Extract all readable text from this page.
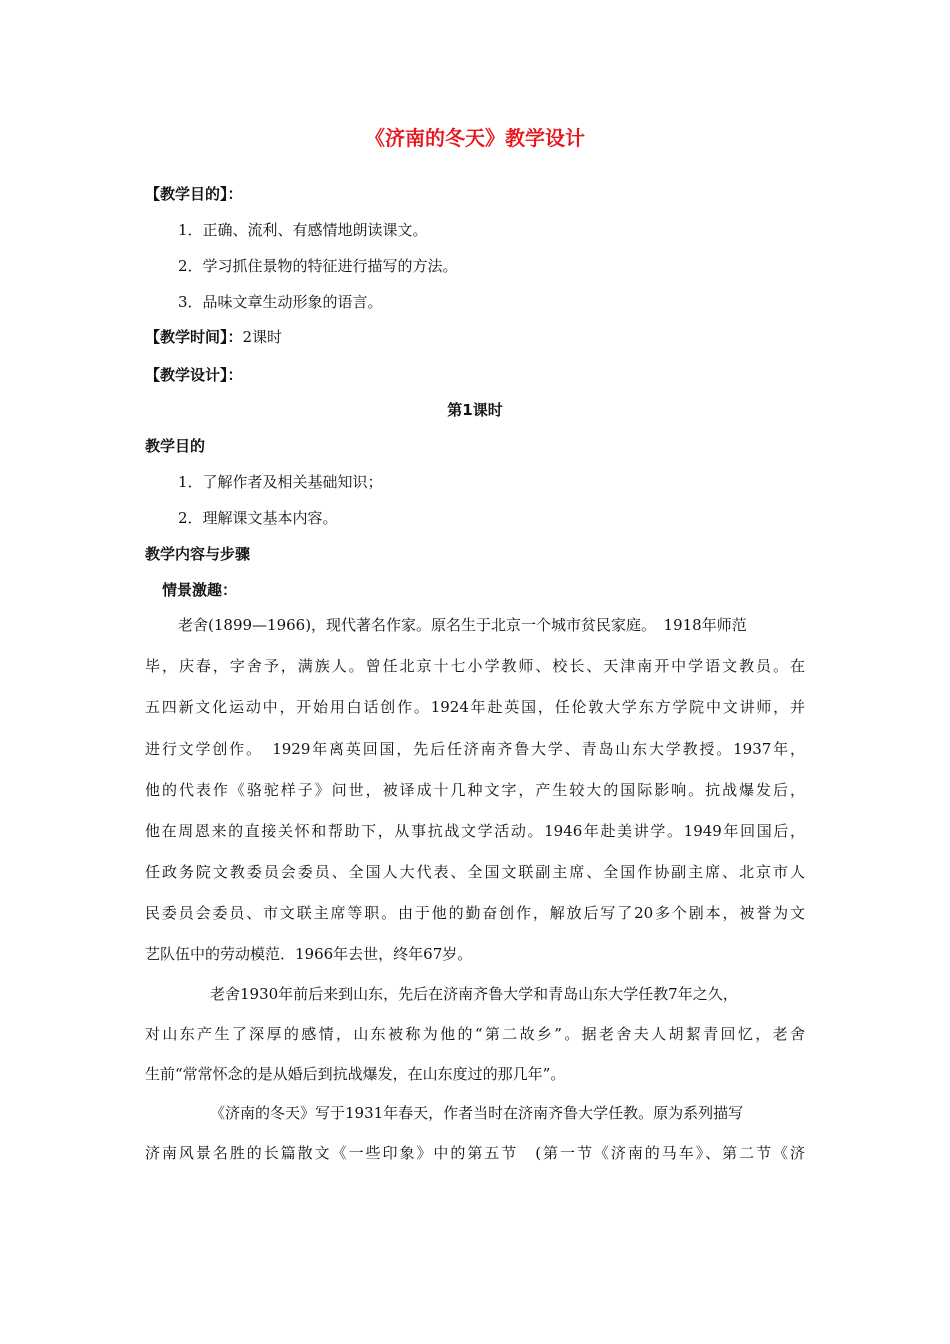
《济南的冬天》教学设计
【教学目的】：
1．正确、流利、有感情地朗读课文。
2．学习抓住景物的特征进行描写的方法。
3．品味文章生动形象的语言。
【教学时间】：2课时
【教学设计】：
第1课时
教学目的
1．了解作者及相关基础知识；
2．理解课文基本内容。
教学内容与步骤
情景激趣：
老舍(1899—1966)，现代著名作家。原名生于北京一个城市贫民家庭。　1918年师范
毕，庆春，字舍予，满族人。曾任北京十七小学教师、校长、天津南开中学语文教员。在
五四新文化运动中，开始用白话创作。1924年赴英国，任伦敦大学东方学院中文讲师，并
进行文学创作。　1929年离英回国，先后任济南齐鲁大学、青岛山东大学教授。1937年，
他的代表作《骆驼样子》问世，被译成十几种文字，产生较大的国际影响。抗战爆发后，
他在周恩来的直接关怀和帮助下，从事抗战文学活动。1946年赴美讲学。1949年回国后，
任政务院文教委员会委员、全国人大代表、全国文联副主席、全国作协副主席、北京市人
民委员会委员、市文联主席等职。由于他的勤奋创作，解放后写了20多个剧本，被誉为文
艺队伍中的劳动模范．1966年去世，终年67岁。
老舍1930年前后来到山东，先后在济南齐鲁大学和青岛山东大学任教7年之久，
对山东产生了深厚的感情，山东被称为他的“第二故乡”。据老舍夫人胡絜青回忆，老舍
生前“常常怀念的是从婚后到抗战爆发，在山东度过的那几年”。
《济南的冬天》写于1931年春天，作者当时在济南齐鲁大学任教。原为系列描写
济南风景名胜的长篇散文《一些印象》中的第五节　(第一节《济南的马车》、第二节《济
